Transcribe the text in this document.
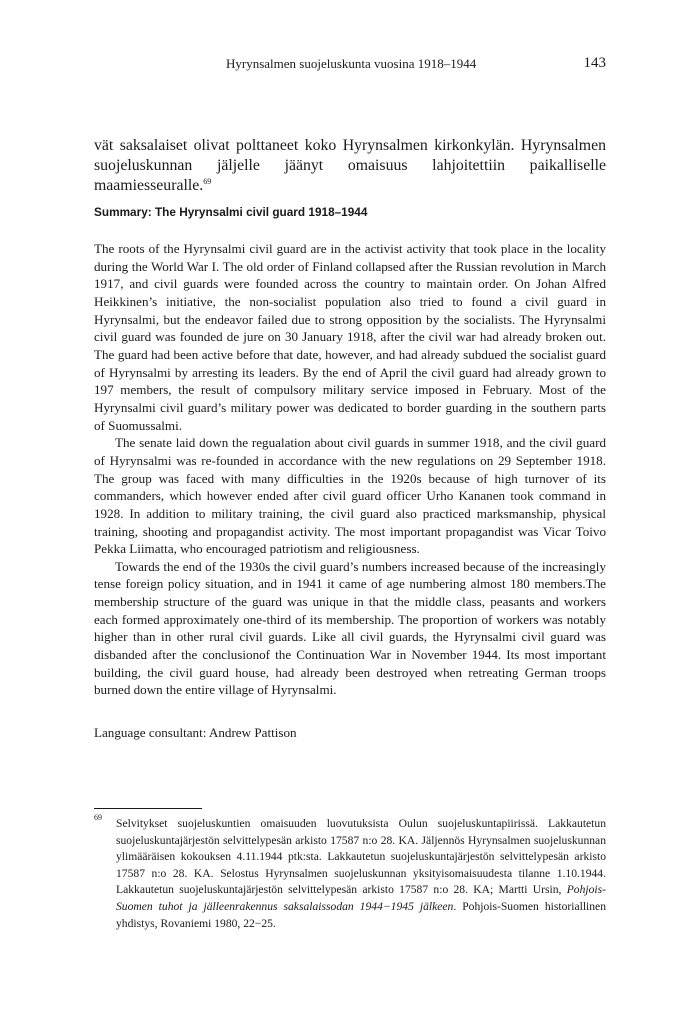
Hyrynsalmen suojeluskunta vuosina 1918–1944	143

vät saksalaiset olivat polttaneet koko Hyrynsalmen kirkonkylän. Hyrynsalmen suojeluskunnan jäljelle jäänyt omaisuus lahjoitettiin paikalliselle maamiesseuralle.$^{69}$

Summary: The Hyrynsalmi civil guard 1918–1944

The roots of the Hyrynsalmi civil guard are in the activist activity that took place in the locality during the World War I. The old order of Finland collapsed after the Russian revolution in March 1917, and civil guards were founded across the country to maintain order. On Johan Alfred Heikkinen’s initiative, the non-socialist population also tried to found a civil guard in Hyrynsalmi, but the endeavor failed due to strong opposition by the socialists. The Hyrynsalmi civil guard was founded de jure on 30 January 1918, after the civil war had already broken out. The guard had been active before that date, however, and had already subdued the socialist guard of Hyrynsalmi by arresting its leaders. By the end of April the civil guard had already grown to 197 members, the result of compulsory military service imposed in February. Most of the Hyrynsalmi civil guard’s military power was dedicated to border guarding in the southern parts of Suomussalmi.

The senate laid down the regualation about civil guards in summer 1918, and the civil guard of Hyrynsalmi was re-founded in accordance with the new regulations on 29 September 1918. The group was faced with many difficulties in the 1920s because of high turnover of its commanders, which however ended after civil guard officer Urho Kananen took command in 1928. In addition to military training, the civil guard also practiced marksmanship, physical training, shooting and propagandist activity. The most important propagandist was Vicar Toivo Pekka Liimatta, who encouraged patriotism and religiousness.

Towards the end of the 1930s the civil guard’s numbers increased because of the increasingly tense foreign policy situation, and in 1941 it came of age numbering almost 180 members.The membership structure of the guard was unique in that the middle class, peasants and workers each formed approximately one-third of its membership. The proportion of workers was notably higher than in other rural civil guards. Like all civil guards, the Hyrynsalmi civil guard was disbanded after the conclusionof the Continuation War in November 1944. Its most important building, the civil guard house, had already been destroyed when retreating German troops burned down the entire village of Hyrynsalmi.

Language consultant: Andrew Pattison

69 Selvitykset suojeluskuntien omaisuuden luovutuksista Oulun suojeluskuntapiirissä. Lakkautetun suojeluskuntajärjestön selvittelypesän arkisto 17587 n:o 28. KA. Jäljennös Hyrynsalmen suojeluskunnan ylimääräisen kokouksen 4.11.1944 ptk:sta. Lakkautetun suojeluskuntajärjestön selvittelypesän arkisto 17587 n:o 28. KA. Selostus Hyrynsalmen suojeluskunnan yksityisomaisuudesta tilanne 1.10.1944. Lakkautetun suojeluskuntajärjestön selvittelypesän arkisto 17587 n:o 28. KA; Martti Ursin, Pohjois-Suomen tuhot ja jälleenrakennus saksalaissodan 1944−1945 jälkeen. Pohjois-Suomen historiallinen yhdistys, Rovaniemi 1980, 22−25.
